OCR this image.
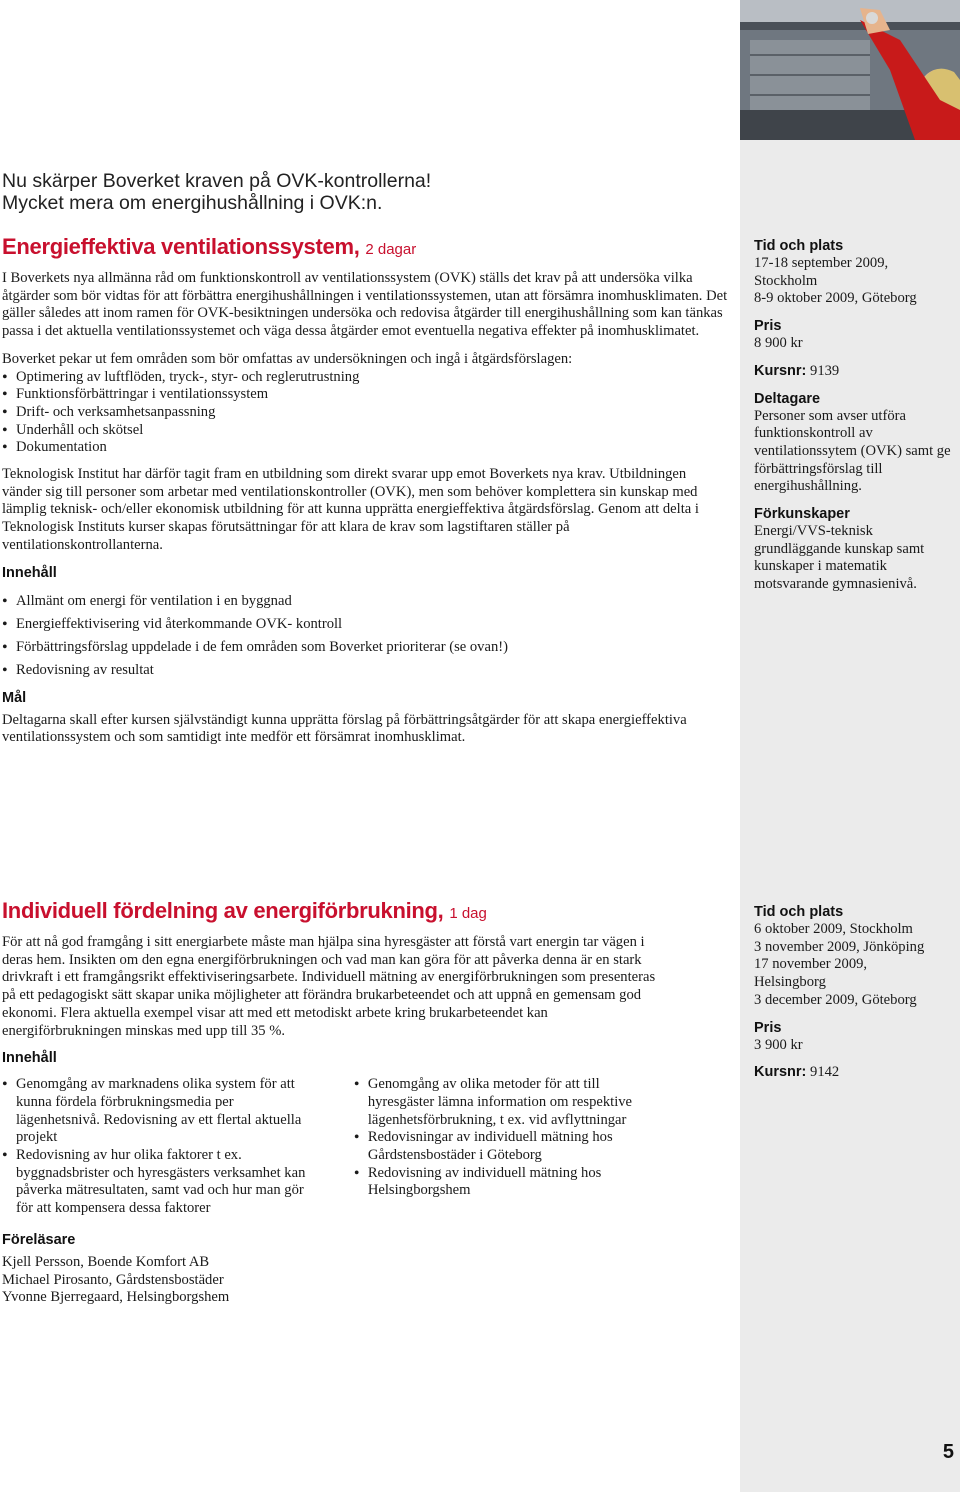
Nu skärper Boverket kraven på OVK-kontrollerna!
Mycket mera om energihushållning i OVK:n.
Energieffektiva ventilationssystem, 2 dagar

I Boverkets nya allmänna råd om funktionskontroll av ventilationssystem (OVK) ställs det krav på att undersöka vilka åtgärder som bör vidtas för att förbättra energihushållningen i ventilationssystemen, utan att försämra inomhusklimaten. Det gäller således att inom ramen för OVK-besiktningen undersöka och redovisa åtgärder till energihushållning som kan tänkas passa i det aktuella ventilationssystemet och väga dessa åtgärder emot eventuella negativa effekter på inomhusklimatet.

Boverket pekar ut fem områden som bör omfattas av undersökningen och ingå i åtgärdsförslagen:

• Optimering av luftflöden, tryck-, styr- och reglerutrustning
• Funktionsförbättringar i ventilationssystem
• Drift- och verksamhetsanpassning
• Underhåll och skötsel
• Dokumentation

Teknologisk Institut har därför tagit fram en utbildning som direkt svarar upp emot Boverkets nya krav. Utbildningen vänder sig till personer som arbetar med ventilationskontroller (OVK), men som behöver komplettera sin kunskap med lämplig teknisk- och/eller ekonomisk utbildning för att kunna upprätta energieffektiva åtgärdsförslag. Genom att delta i Teknologisk Instituts kurser skapas förutsättningar för att klara de krav som lagstiftaren ställer på ventilationskontrollanterna.

Innehåll
• Allmänt om energi för ventilation i en byggnad
• Energieffektivisering vid återkommande OVK- kontroll
• Förbättringsförslag uppdelade i de fem områden som Boverket prioriterar (se ovan!)
• Redovisning av resultat
Mål

Deltagarna skall efter kursen självständigt kunna upprätta förslag på förbättringsåtgärder för att skapa energieffektiva ventilationssystem och som samtidigt inte medför ett försämrat inomhusklimat.

Tid och plats
17-18 september 2009,
Stockholm
8-9 oktober 2009, Göteborg
Pris
8 900 kr
Kursnr: 9139
Deltagare
Personer som avser utföra funktionskontroll av ventilationssytem (OVK) samt ge förbättringsförslag till energihushållning.
Förkunskaper
Energi/VVS-teknisk grundläggande kunskap samt kunskaper i matematik motsvarande gymnasienivå.
Individuell fördelning av energiförbrukning, 1 dag

För att nå god framgång i sitt energiarbete måste man hjälpa sina hyresgäster att förstå vart energin tar vägen i deras hem. Insikten om den egna energiförbrukningen och vad man kan göra för att påverka denna är en stark drivkraft i ett framgångsrikt effektiviseringsarbete. Individuell mätning av energiförbrukningen som presenteras på ett pedagogiskt sätt skapar unika möjligheter att förändra brukarbeteendet och att uppnå en gemensam god ekonomi. Flera aktuella exempel visar att med ett metodiskt arbete kring brukarbeteendet kan energiförbrukningen minskas med upp till 35 %.

Innehåll
• Genomgång av marknadens olika system för att kunna fördela förbrukningsmedia per lägenhetsnivå. Redovisning av ett flertal aktuella projekt
• Redovisning av hur olika faktorer t ex. byggnadsbrister och hyresgästers verksamhet kan påverka mätresultaten, samt vad och hur man gör för att kompensera dessa faktorer
• Genomgång av olika metoder för att till hyresgäster lämna information om respektive lägenhetsförbrukning, t ex. vid avflyttningar
• Redovisningar av individuell mätning hos Gårdstensbostäder i Göteborg
• Redovisning av individuell mätning hos Helsingborgshem
Föreläsare
Kjell Persson, Boende Komfort AB
Michael Pirosanto, Gårdstensbostäder
Yvonne Bjerregaard, Helsingborgshem
Tid och plats
6 oktober 2009, Stockholm
3 november 2009, Jönköping
17 november 2009,
Helsingborg
3 december 2009, Göteborg
Pris
3 900 kr
Kursnr: 9142
5
